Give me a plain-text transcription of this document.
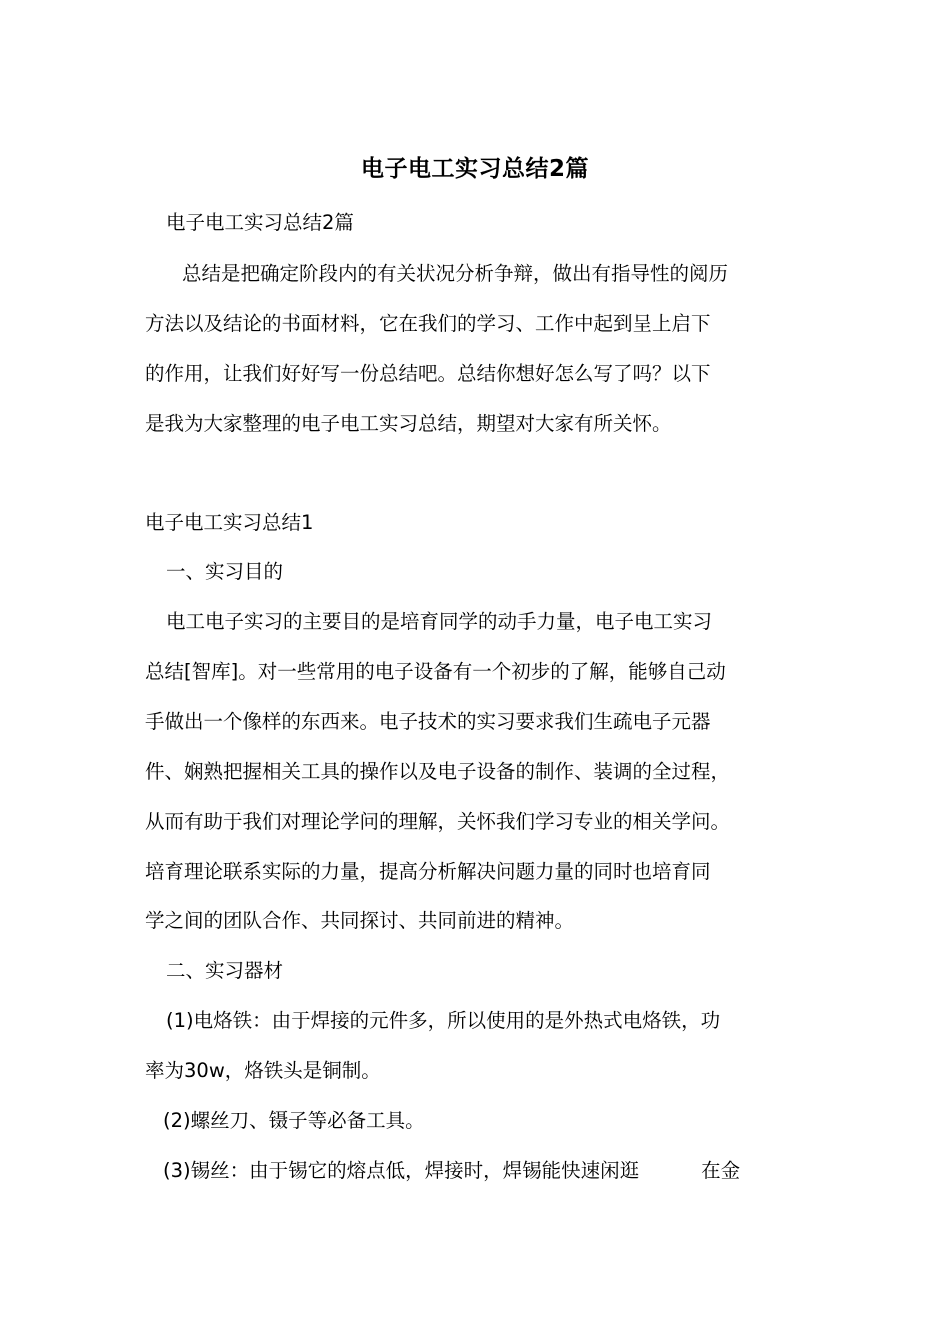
电子电工实习总结2篇
电子电工实习总结2篇
总结是把确定阶段内的有关状况分析争辩，做出有指导性的阅历
方法以及结论的书面材料，它在我们的学习、工作中起到呈上启下
的作用，让我们好好写一份总结吧。总结你想好怎么写了吗？以下
是我为大家整理的电子电工实习总结，期望对大家有所关怀。
电子电工实习总结1
一、实习目的
电工电子实习的主要目的是培育同学的动手力量，电子电工实习
总结[智库]。对一些常用的电子设备有一个初步的了解，能够自己动
手做出一个像样的东西来。电子技术的实习要求我们生疏电子元器
件、娴熟把握相关工具的操作以及电子设备的制作、装调的全过程，
从而有助于我们对理论学问的理解，关怀我们学习专业的相关学问。
培育理论联系实际的力量，提高分析解决问题力量的同时也培育同
学之间的团队合作、共同探讨、共同前进的精神。
二、实习器材
(1)电烙铁：由于焊接的元件多，所以使用的是外热式电烙铁，功
率为30w，烙铁头是铜制。
(2)螺丝刀、镊子等必备工具。
(3)锡丝：由于锡它的熔点低，焊接时，焊锡能快速闲逛          在金
